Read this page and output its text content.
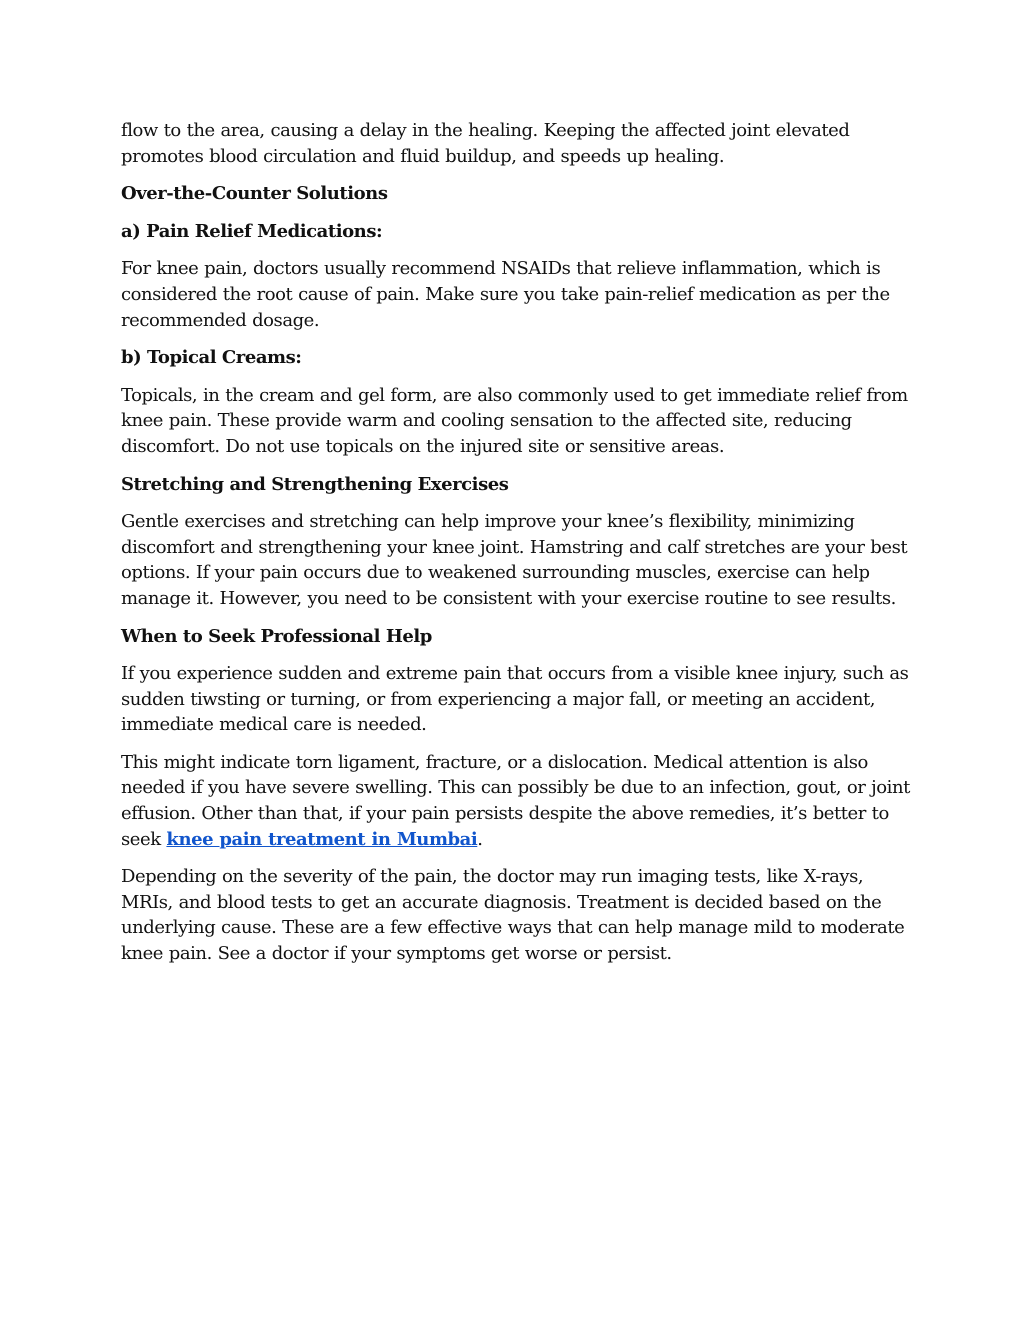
flow to the area, causing a delay in the healing. Keeping the affected joint elevated promotes blood circulation and fluid buildup, and speeds up healing.

Over-the-Counter Solutions
a) Pain Relief Medications:

For knee pain, doctors usually recommend NSAIDs that relieve inflammation, which is considered the root cause of pain. Make sure you take pain-relief medication as per the recommended dosage.

b) Topical Creams:

Topicals, in the cream and gel form, are also commonly used to get immediate relief from knee pain. These provide warm and cooling sensation to the affected site, reducing discomfort. Do not use topicals on the injured site or sensitive areas.

Stretching and Strengthening Exercises

Gentle exercises and stretching can help improve your knee’s flexibility, minimizing discomfort and strengthening your knee joint. Hamstring and calf stretches are your best options. If your pain occurs due to weakened surrounding muscles, exercise can help manage it. However, you need to be consistent with your exercise routine to see results.

When to Seek Professional Help

If you experience sudden and extreme pain that occurs from a visible knee injury, such as sudden tiwsting or turning, or from experiencing a major fall, or meeting an accident, immediate medical care is needed.

This might indicate torn ligament, fracture, or a dislocation. Medical attention is also needed if you have severe swelling. This can possibly be due to an infection, gout, or joint effusion. Other than that, if your pain persists despite the above remedies, it’s better to seek knee pain treatment in Mumbai.

Depending on the severity of the pain, the doctor may run imaging tests, like X-rays, MRIs, and blood tests to get an accurate diagnosis. Treatment is decided based on the underlying cause. These are a few effective ways that can help manage mild to moderate knee pain. See a doctor if your symptoms get worse or persist.
